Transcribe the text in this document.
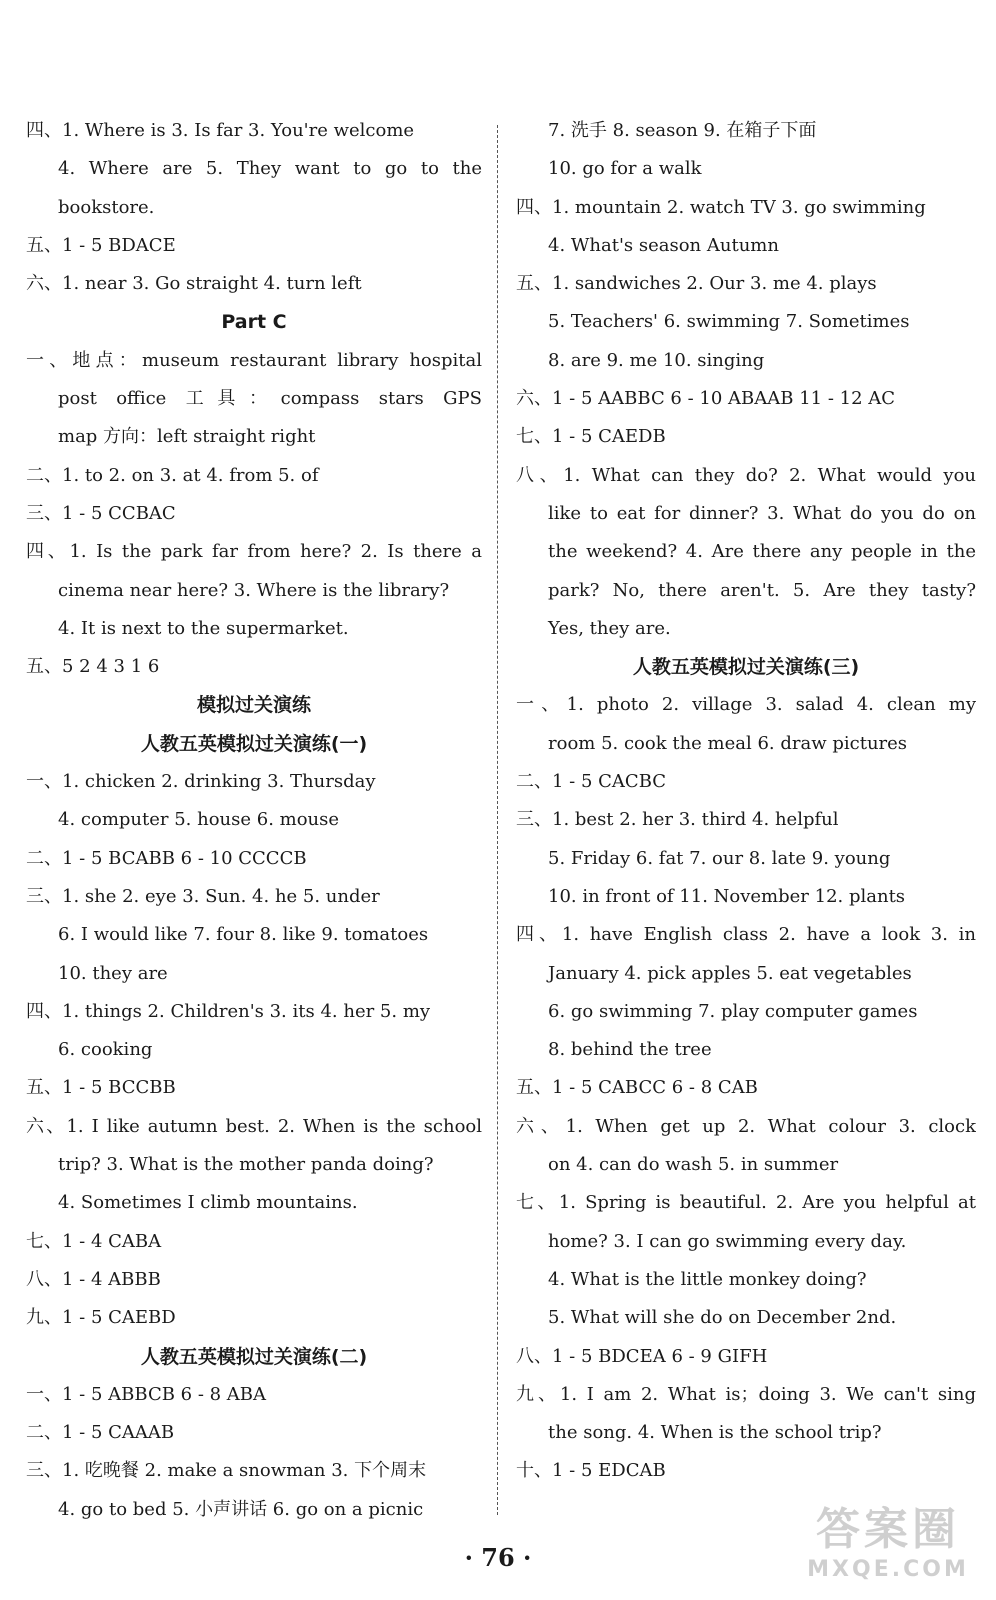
四、1. Where is 3. Is far 3. You're welcome
4. Where are 5. They want to go to the
bookstore.
五、1 - 5 BDACE
六、1. near 3. Go straight 4. turn left
Part C
一、地点：museum restaurant library hospital
post office 工具：compass stars GPS
map 方向：left straight right
二、1. to 2. on 3. at 4. from 5. of
三、1 - 5 CCBAC
四、1. Is the park far from here? 2. Is there a
cinema near here? 3. Where is the library?
4. It is next to the supermarket.
五、5 2 4 3 1 6
模拟过关演练
人教五英模拟过关演练(一)
一、1. chicken 2. drinking 3. Thursday
4. computer 5. house 6. mouse
二、1 - 5 BCABB 6 - 10 CCCCB
三、1. she 2. eye 3. Sun. 4. he 5. under
6. I would like 7. four 8. like 9. tomatoes
10. they are
四、1. things 2. Children's 3. its 4. her 5. my
6. cooking
五、1 - 5 BCCBB
六、1. I like autumn best. 2. When is the school
trip? 3. What is the mother panda doing?
4. Sometimes I climb mountains.
七、1 - 4 CABA
八、1 - 4 ABBB
九、1 - 5 CAEBD
人教五英模拟过关演练(二)
一、1 - 5 ABBCB 6 - 8 ABA
二、1 - 5 CAAAB
三、1. 吃晚餐 2. make a snowman 3. 下个周末
4. go to bed 5. 小声讲话 6. go on a picnic
7. 洗手 8. season 9. 在箱子下面
10. go for a walk
四、1. mountain 2. watch TV 3. go swimming
4. What's season Autumn
五、1. sandwiches 2. Our 3. me 4. plays
5. Teachers' 6. swimming 7. Sometimes
8. are 9. me 10. singing
六、1 - 5 AABBC 6 - 10 ABAAB 11 - 12 AC
七、1 - 5 CAEDB
八、1. What can they do? 2. What would you
like to eat for dinner? 3. What do you do on
the weekend? 4. Are there any people in the
park? No, there aren't. 5. Are they tasty?
Yes, they are.
人教五英模拟过关演练(三)
一、1. photo 2. village 3. salad 4. clean my
room 5. cook the meal 6. draw pictures
二、1 - 5 CACBC
三、1. best 2. her 3. third 4. helpful
5. Friday 6. fat 7. our 8. late 9. young
10. in front of 11. November 12. plants
四、1. have English class 2. have a look 3. in
January 4. pick apples 5. eat vegetables
6. go swimming 7. play computer games
8. behind the tree
五、1 - 5 CABCC 6 - 8 CAB
六、1. When get up 2. What colour 3. clock
on 4. can do wash 5. in summer
七、1. Spring is beautiful. 2. Are you helpful at
home? 3. I can go swimming every day.
4. What is the little monkey doing?
5. What will she do on December 2nd.
八、1 - 5 BDCEA 6 - 9 GIFH
九、1. I am 2. What is；doing 3. We can't sing
the song. 4. When is the school trip?
十、1 - 5 EDCAB
· 76 ·
答案圈
MXQE.COM
